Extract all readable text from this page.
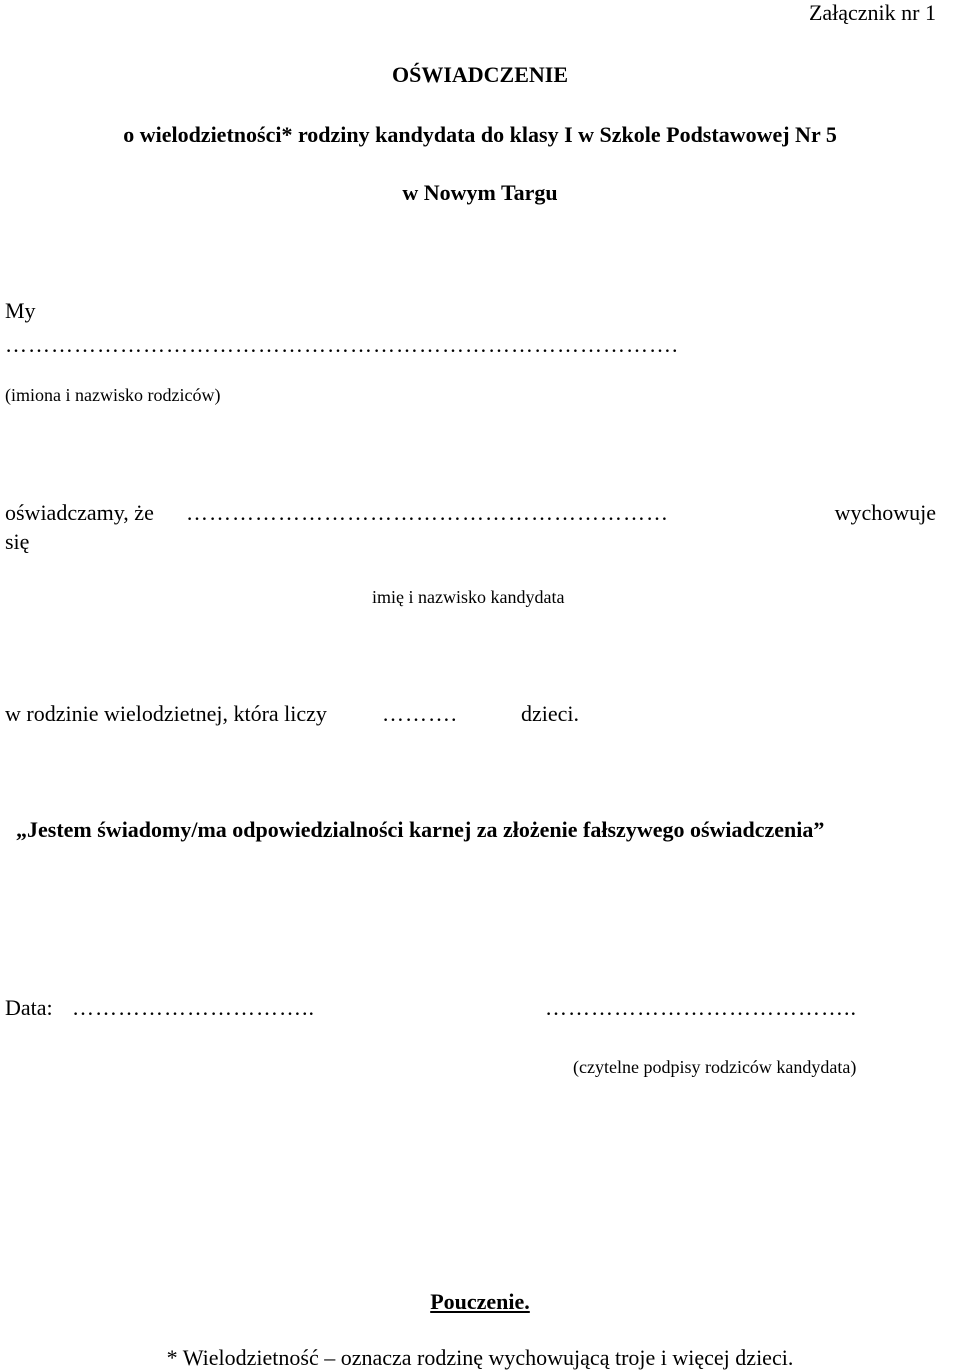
Załącznik nr 1
OŚWIADCZENIE
o wielodzietności* rodziny kandydata do klasy I w Szkole Podstawowej Nr 5
w Nowym Targu
My
…………………………………………………………………………….
(imiona i nazwisko rodziców)
oświadczamy, że ………………………………………………………	wychowuje
się
imię i nazwisko kandydata
w rodzinie wielodzietnej, która liczy	……….	dzieci.
„Jestem świadomy/ma odpowiedzialności karnej za złożenie fałszywego oświadczenia”
Data: …………………………..	…………………………………..
(czytelne podpisy rodziców kandydata)
Pouczenie.
* Wielodzietność – oznacza rodzinę wychowującą troje i więcej dzieci.
